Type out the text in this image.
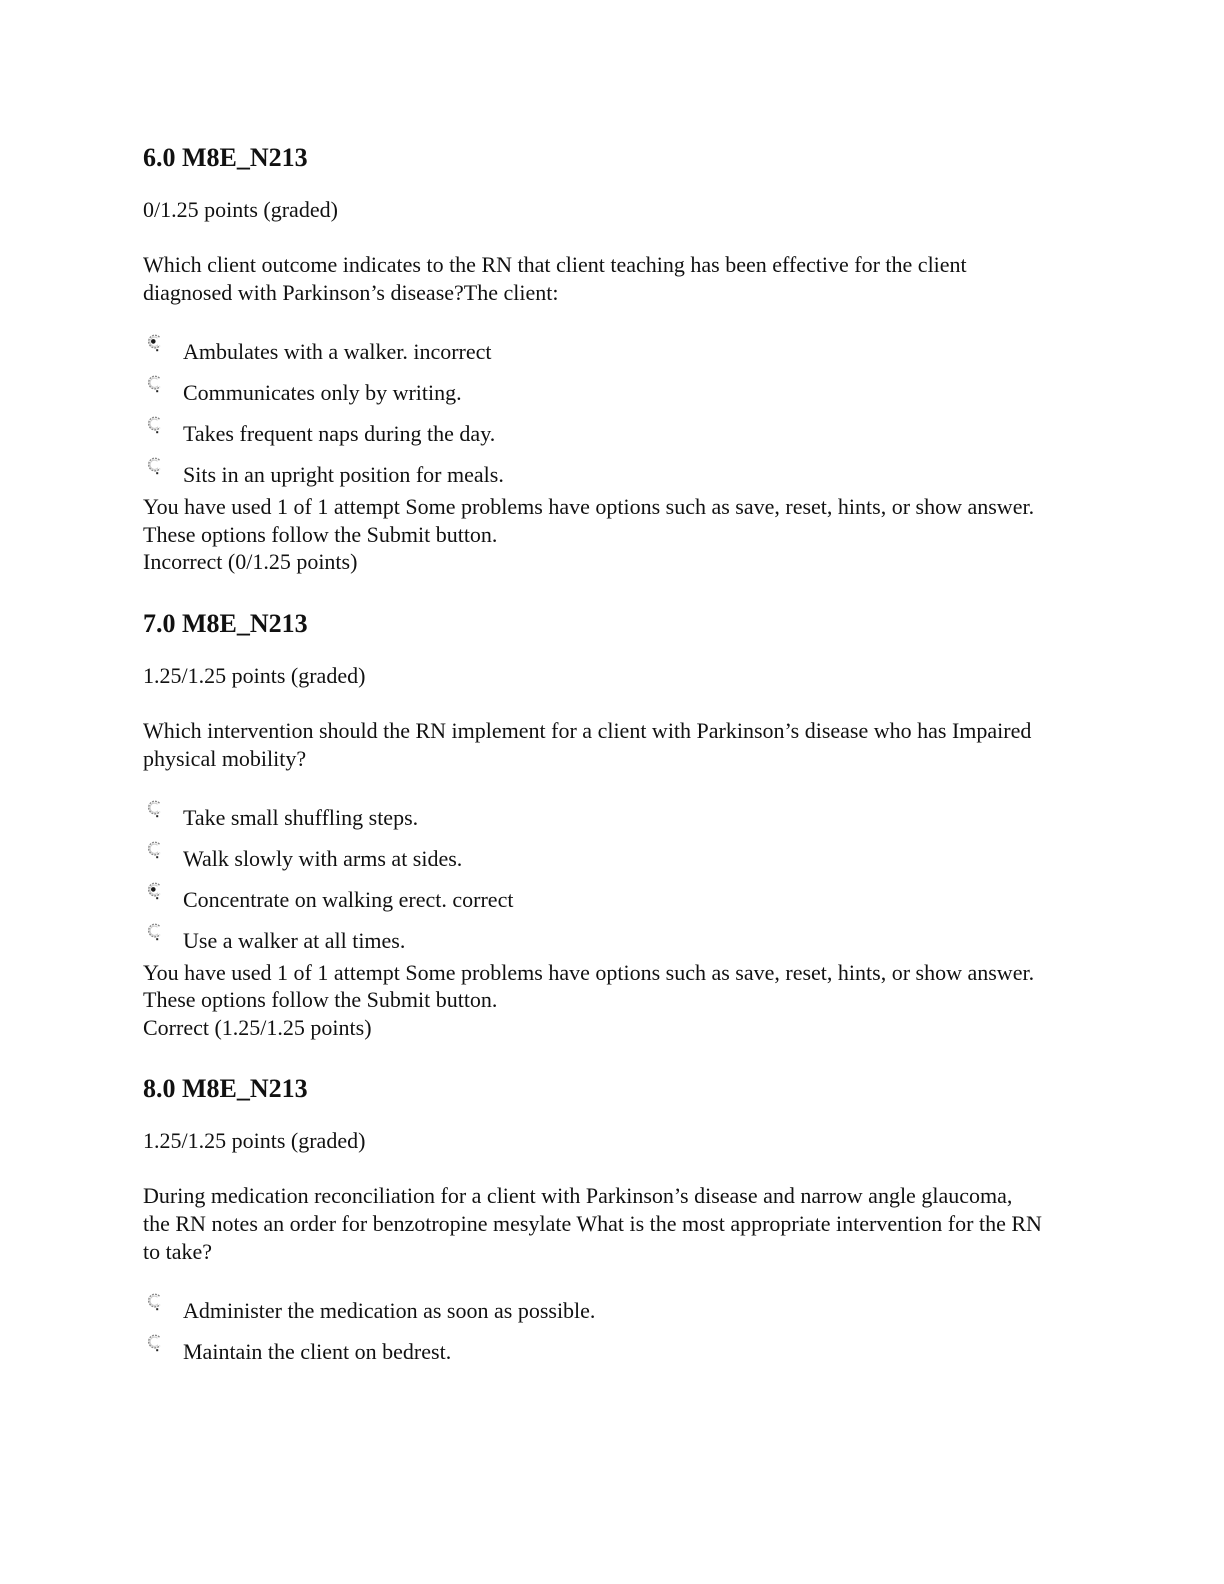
6.0 M8E_N213
0/1.25 points (graded)
Which client outcome indicates to the RN that client teaching has been effective for the client diagnosed with Parkinson’s disease?The client:
Ambulates with a walker. incorrect
Communicates only by writing.
Takes frequent naps during the day.
Sits in an upright position for meals.
You have used 1 of 1 attempt Some problems have options such as save, reset, hints, or show answer. These options follow the Submit button.
Incorrect (0/1.25 points)
7.0 M8E_N213
1.25/1.25 points (graded)
Which intervention should the RN implement for a client with Parkinson’s disease who has Impaired physical mobility?
Take small shuffling steps.
Walk slowly with arms at sides.
Concentrate on walking erect. correct
Use a walker at all times.
You have used 1 of 1 attempt Some problems have options such as save, reset, hints, or show answer. These options follow the Submit button.
Correct (1.25/1.25 points)
8.0 M8E_N213
1.25/1.25 points (graded)
During medication reconciliation for a client with Parkinson’s disease and narrow angle glaucoma, the RN notes an order for benzotropine mesylate What is the most appropriate intervention for the RN to take?
Administer the medication as soon as possible.
Maintain the client on bedrest.
